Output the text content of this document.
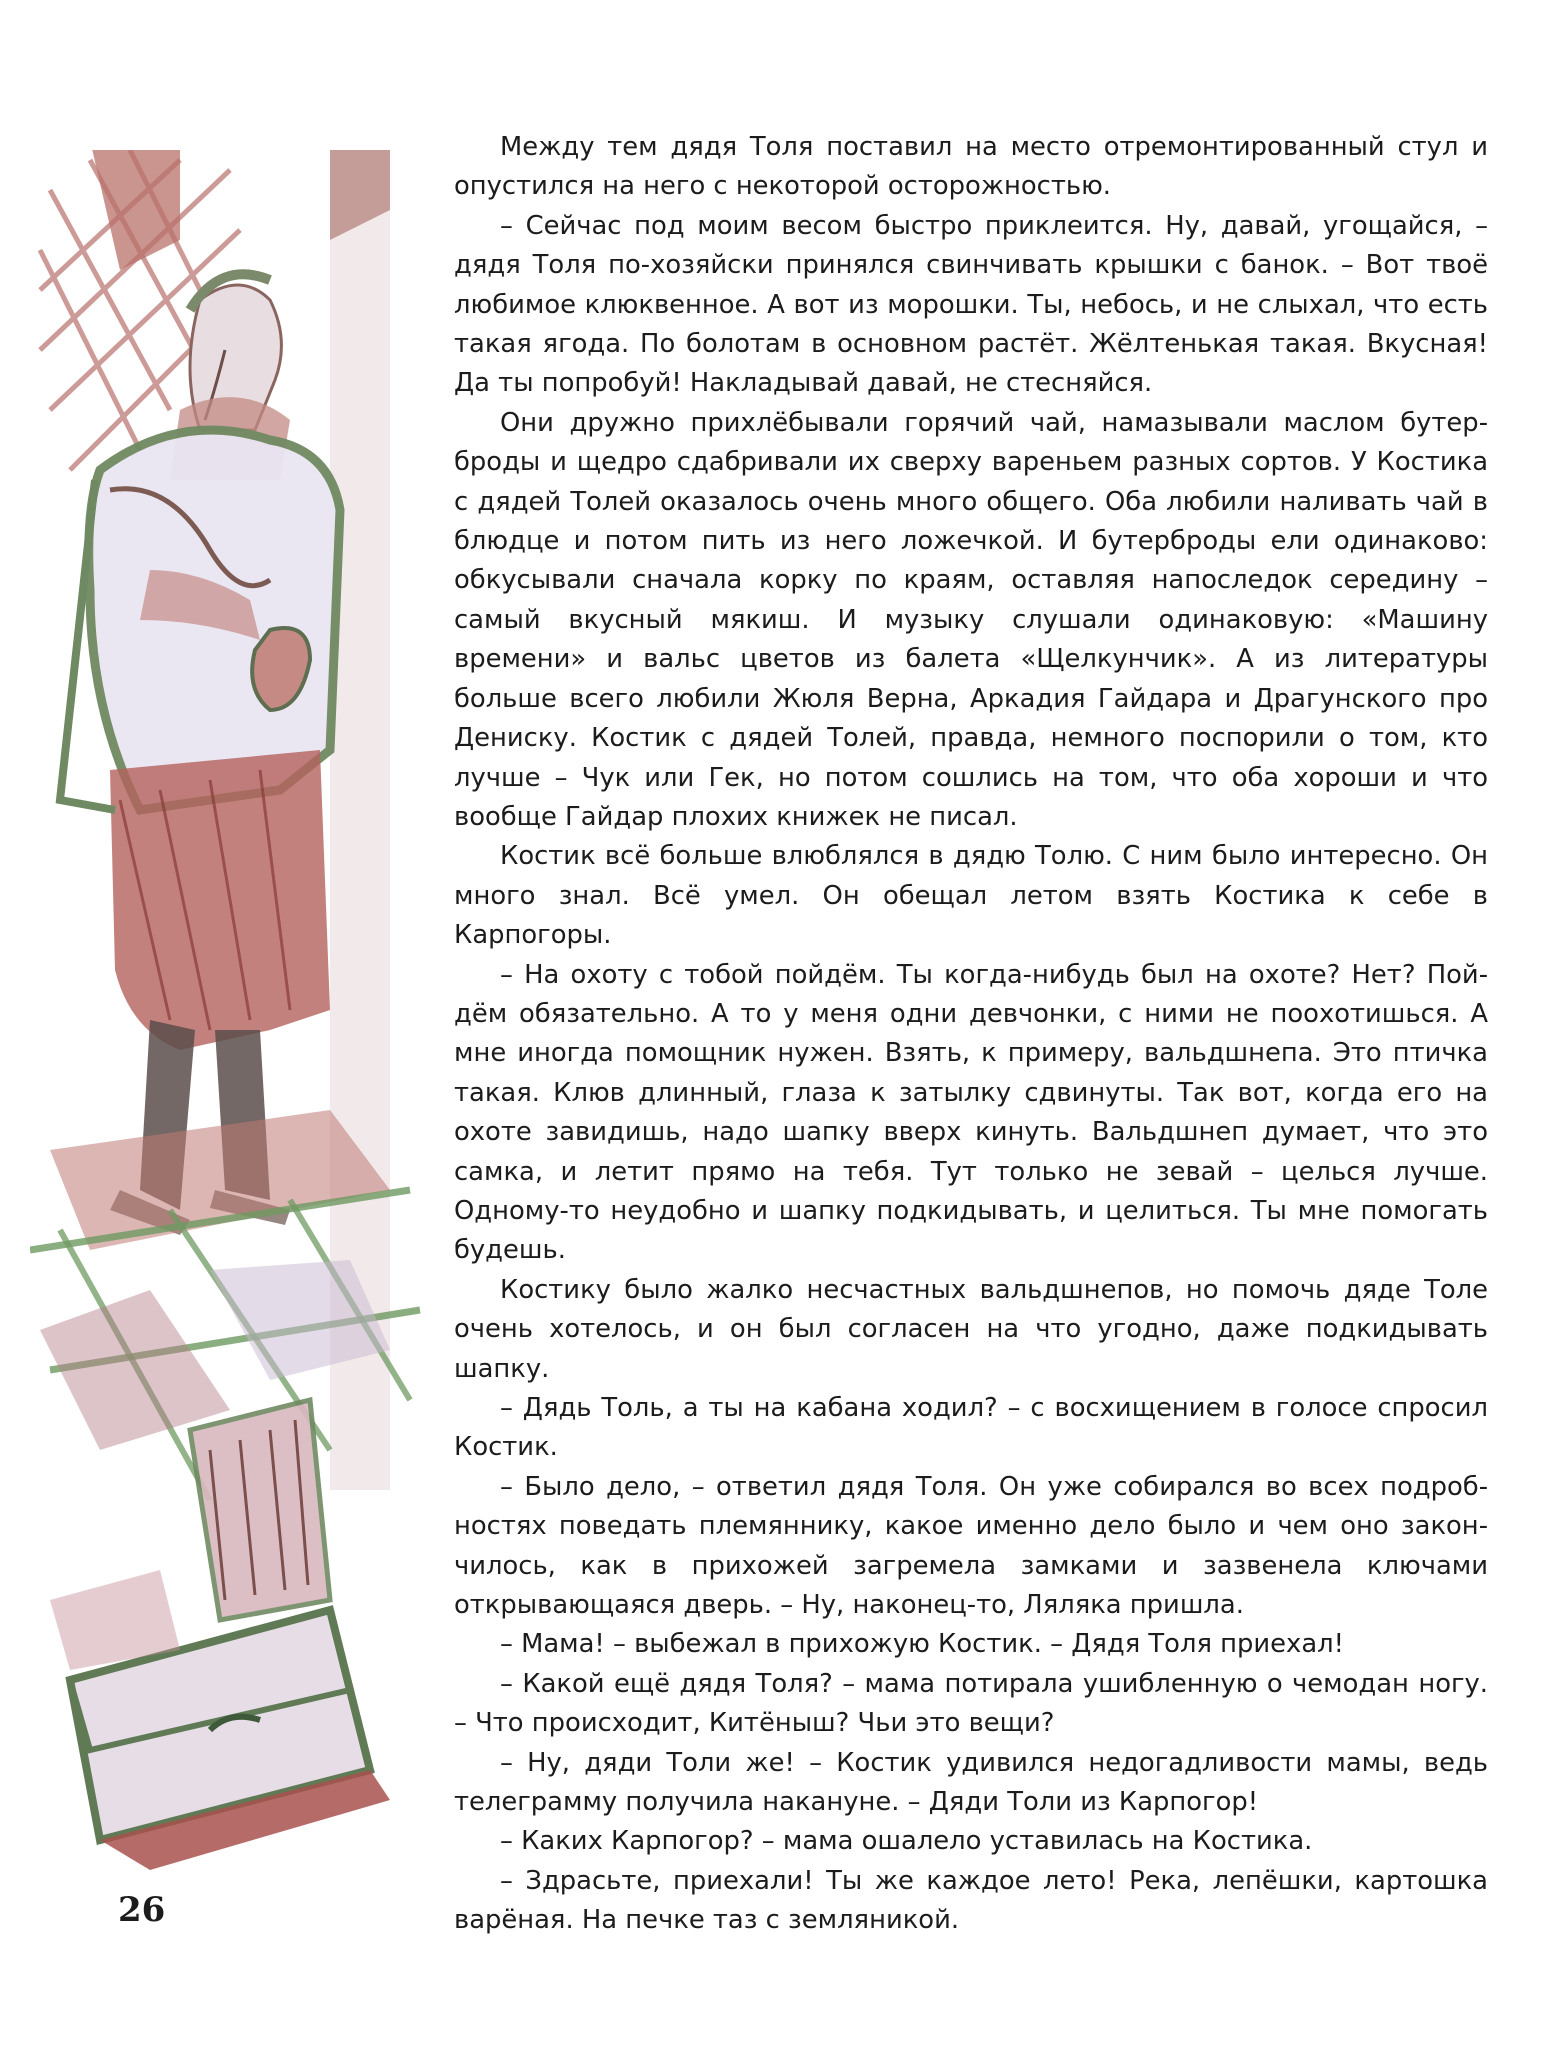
Между тем дядя Толя поставил на место отремонтированный стул и опустился на него с некоторой осторожностью.

– Сейчас под моим весом быстро приклеится. Ну, давай, угощайся, – дядя Толя по-хозяйски принялся свинчивать крышки с банок. – Вот твоё любимое клюквенное. А вот из морошки. Ты, небось, и не слыхал, что есть такая ягода. По болотам в основном растёт. Жёлтенькая такая. Вкусная! Да ты попробуй! Накладывай давай, не стесняйся.

Они дружно прихлёбывали горячий чай, намазывали маслом бутерброды и щедро сдабривали их сверху вареньем разных сортов. У Костика с дядей Толей оказалось очень много общего. Оба любили наливать чай в блюдце и потом пить из него ложечкой. И бутерброды ели одинаково: обкусывали сначала корку по краям, оставляя напоследок середину – самый вкусный мякиш. И музыку слушали одинаковую: «Машину времени» и вальс цветов из балета «Щелкунчик». А из литературы больше всего любили Жюля Верна, Аркадия Гайдара и Драгунского про Дениску. Костик с дядей Толей, правда, немного поспорили о том, кто лучше – Чук или Гек, но потом сошлись на том, что оба хороши и что вообще Гайдар плохих книжек не писал.

Костик всё больше влюблялся в дядю Толю. С ним было интересно. Он много знал. Всё умел. Он обещал летом взять Костика к себе в Карпогоры.

– На охоту с тобой пойдём. Ты когда-нибудь был на охоте? Нет? Пойдём обязательно. А то у меня одни девчонки, с ними не поохотишься. А мне иногда помощник нужен. Взять, к примеру, вальдшнепа. Это птичка такая. Клюв длинный, глаза к затылку сдвинуты. Так вот, когда его на охоте завидишь, надо шапку вверх кинуть. Вальдшнеп думает, что это самка, и летит прямо на тебя. Тут только не зевай – целься лучше. Одному-то неудобно и шапку подкидывать, и целиться. Ты мне помогать будешь.

Костику было жалко несчастных вальдшнепов, но помочь дяде Толе очень хотелось, и он был согласен на что угодно, даже подкидывать шапку.

– Дядь Толь, а ты на кабана ходил? – с восхищением в голосе спросил Костик.

– Было дело, – ответил дядя Толя. Он уже собирался во всех подробностях поведать племяннику, какое именно дело было и чем оно закончилось, как в прихожей загремела замками и зазвенела ключами открывающаяся дверь. – Ну, наконец-то, Ляляка пришла.

– Мама! – выбежал в прихожую Костик. – Дядя Толя приехал!

– Какой ещё дядя Толя? – мама потирала ушибленную о чемодан ногу. – Что происходит, Китёныш? Чьи это вещи?

– Ну, дяди Толи же! – Костик удивился недогадливости мамы, ведь телеграмму получила накануне. – Дяди Толи из Карпогор!

– Каких Карпогор? – мама ошалело уставилась на Костика.

– Здрасьте, приехали! Ты же каждое лето! Река, лепёшки, картошка варёная. На печке таз с земляникой.

26
